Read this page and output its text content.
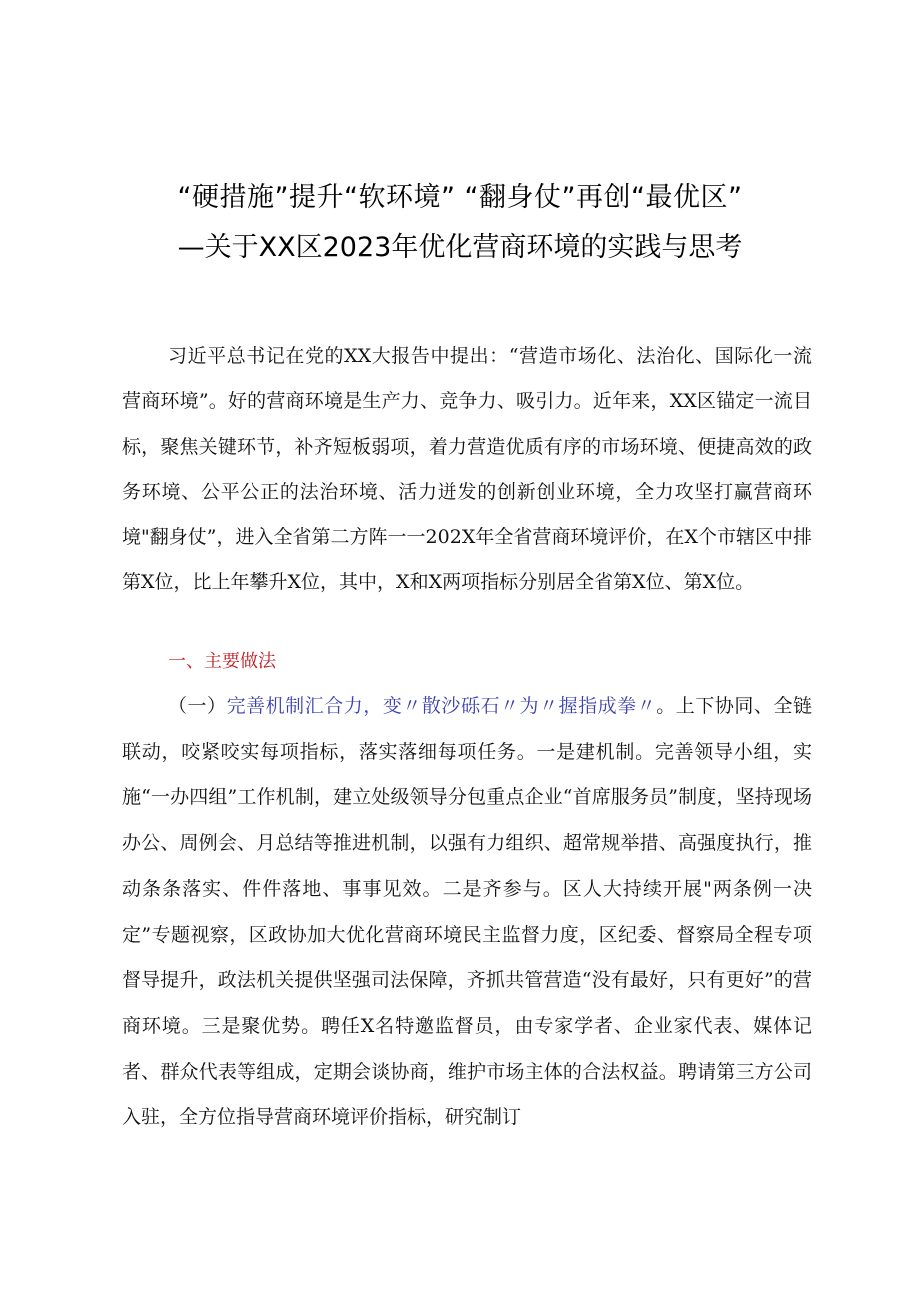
“硬措施”提升“软环境” “翻身仗”再创“最优区”
—关于XX区2023年优化营商环境的实践与思考
习近平总书记在党的XX大报告中提出：“营造市场化、法治化、国际化一流营商环境”。好的营商环境是生产力、竞争力、吸引力。近年来，XX区锚定一流目标，聚焦关键环节，补齐短板弱项，着力营造优质有序的市场环境、便捷高效的政务环境、公平公正的法治环境、活力迸发的创新创业环境，全力攻坚打赢营商环境"翻身仗”，进入全省第二方阵一一202X年全省营商环境评价，在X个市辖区中排第X位，比上年攀升X位，其中，X和X两项指标分别居全省第X位、第X位。
一、主要做法
（一）完善机制汇合力，变〃散沙砾石〃为〃握指成拳〃。上下协同、全链联动，咬紧咬实每项指标，落实落细每项任务。一是建机制。完善领导小组，实施“一办四组”工作机制，建立处级领导分包重点企业“首席服务员”制度，坚持现场办公、周例会、月总结等推进机制，以强有力组织、超常规举措、高强度执行，推动条条落实、件件落地、事事见效。二是齐参与。区人大持续开展"两条例一决定”专题视察，区政协加大优化营商环境民主监督力度，区纪委、督察局全程专项督导提升，政法机关提供坚强司法保障，齐抓共管营造“没有最好，只有更好”的营商环境。三是聚优势。聘任X名特邀监督员，由专家学者、企业家代表、媒体记者、群众代表等组成，定期会谈协商，维护市场主体的合法权益。聘请第三方公司入驻，全方位指导营商环境评价指标，研究制订
